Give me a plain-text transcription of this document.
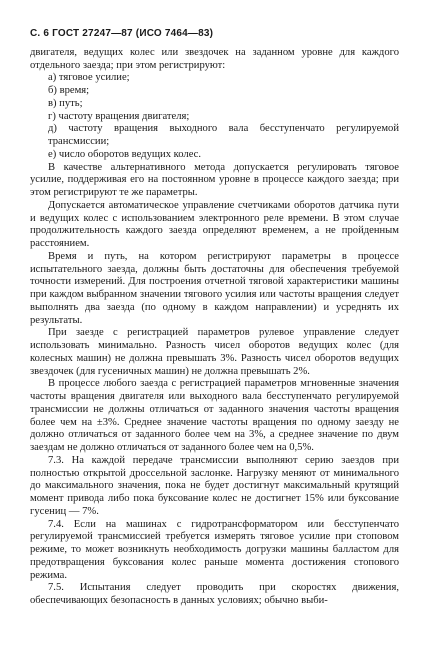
С. 6 ГОСТ 27247—87 (ИСО 7464—83)

двигателя, ведущих колес или звездочек на заданном уровне для каждого отдельного заезда; при этом регистрируют:

а) тяговое усилие;
б) время;
в) путь;
г) частоту вращения двигателя;
д) частоту вращения выходного вала бесступенчато регулируемой трансмиссии;
е) число оборотов ведущих колес.

В качестве альтернативного метода допускается регулировать тяговое усилие, поддерживая его на постоянном уровне в процессе каждого заезда; при этом регистрируют те же параметры.

Допускается автоматическое управление счетчиками оборотов датчика пути и ведущих колес с использованием электронного реле времени. В этом случае продолжительность каждого заезда определяют временем, а не пройденным расстоянием.

Время и путь, на котором регистрируют параметры в процессе испытательного заезда, должны быть достаточны для обеспечения требуемой точности измерений. Для построения отчетной тяговой характеристики машины при каждом выбранном значении тягового усилия или частоты вращения следует выполнять два заезда (по одному в каждом направлении) и усреднять их результаты.

При заезде с регистрацией параметров рулевое управление следует использовать минимально. Разность чисел оборотов ведущих колес (для колесных машин) не должна превышать 3%. Разность чисел оборотов ведущих звездочек (для гусеничных машин) не должна превышать 2%.

В процессе любого заезда с регистрацией параметров мгновенные значения частоты вращения двигателя или выходного вала бесступенчато регулируемой трансмиссии не должны отличаться от заданного значения частоты вращения более чем на ±3%. Среднее значение частоты вращения по одному заезду не должно отличаться от заданного более чем на 3%, а среднее значение по двум заездам не должно отличаться от заданного более чем на 0,5%.

7.3. На каждой передаче трансмиссии выполняют серию заездов при полностью открытой дроссельной заслонке. Нагрузку меняют от минимального до максимального значения, пока не будет достигнут максимальный крутящий момент привода либо пока буксование колес не достигнет 15% или буксование гусениц — 7%.

7.4. Если на машинах с гидротрансформатором или бесступенчато регулируемой трансмиссией требуется измерять тяговое усилие при стоповом режиме, то может возникнуть необходимость догрузки машины балластом для предотвращения буксования колес раньше момента достижения стопового режима.

7.5. Испытания следует проводить при скоростях движения, обеспечивающих безопасность в данных условиях; обычно выби-
